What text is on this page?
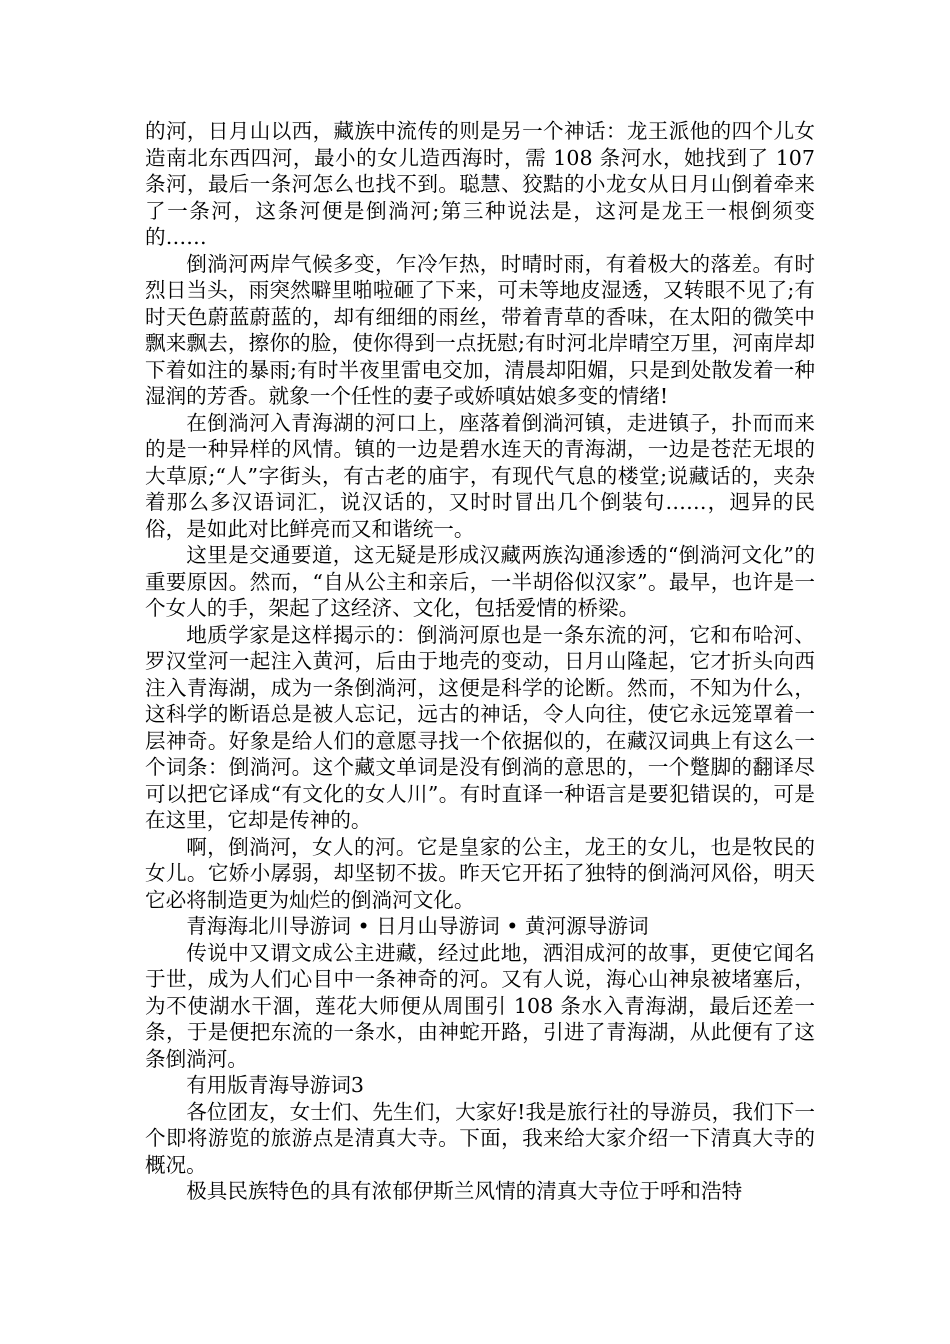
的河，日月山以西，藏族中流传的则是另一个神话：龙王派他的四个儿女造南北东西四河，最小的女儿造西海时，需 108 条河水，她找到了 107 条河，最后一条河怎么也找不到。聪慧、狡黠的小龙女从日月山倒着牵来了一条河，这条河便是倒淌河;第三种说法是，这河是龙王一根倒须变的……

倒淌河两岸气候多变，乍冷乍热，时晴时雨，有着极大的落差。有时烈日当头，雨突然噼里啪啦砸了下来，可未等地皮湿透，又转眼不见了;有时天色蔚蓝蔚蓝的，却有细细的雨丝，带着青草的香味，在太阳的微笑中飘来飘去，擦你的脸，使你得到一点抚慰;有时河北岸晴空万里，河南岸却下着如注的暴雨;有时半夜里雷电交加，清晨却阳媚，只是到处散发着一种湿润的芳香。就象一个任性的妻子或娇嗔姑娘多变的情绪!

在倒淌河入青海湖的河口上，座落着倒淌河镇，走进镇子，扑而而来的是一种异样的风情。镇的一边是碧水连天的青海湖，一边是苍茫无垠的大草原;“人”字街头，有古老的庙宇，有现代气息的楼堂;说藏话的，夹杂着那么多汉语词汇，说汉话的，又时时冒出几个倒装句……，迥异的民俗，是如此对比鲜亮而又和谐统一。

这里是交通要道，这无疑是形成汉藏两族沟通渗透的“倒淌河文化”的重要原因。然而，“自从公主和亲后，一半胡俗似汉家”。最早，也许是一个女人的手，架起了这经济、文化，包括爱情的桥梁。

地质学家是这样揭示的：倒淌河原也是一条东流的河，它和布哈河、罗汉堂河一起注入黄河，后由于地壳的变动，日月山隆起，它才折头向西注入青海湖，成为一条倒淌河，这便是科学的论断。然而，不知为什么，这科学的断语总是被人忘记，远古的神话，令人向往，使它永远笼罩着一层神奇。好象是给人们的意愿寻找一个依据似的，在藏汉词典上有这么一个词条：倒淌河。这个藏文单词是没有倒淌的意思的，一个蹩脚的翻译尽可以把它译成“有文化的女人川”。有时直译一种语言是要犯错误的，可是在这里，它却是传神的。

啊，倒淌河，女人的河。它是皇家的公主，龙王的女儿，也是牧民的女儿。它娇小孱弱，却坚韧不拔。昨天它开拓了独特的倒淌河风俗，明天它必将制造更为灿烂的倒淌河文化。

青海海北川导游词 • 日月山导游词 • 黄河源导游词

传说中又谓文成公主进藏，经过此地，洒泪成河的故事，更使它闻名于世，成为人们心目中一条神奇的河。又有人说，海心山神泉被堵塞后，为不使湖水干涸，莲花大师便从周围引 108 条水入青海湖，最后还差一条，于是便把东流的一条水，由神蛇开路，引进了青海湖，从此便有了这条倒淌河。

有用版青海导游词3

各位团友，女士们、先生们，大家好!我是旅行社的导游员，我们下一个即将游览的旅游点是清真大寺。下面，我来给大家介绍一下清真大寺的概况。

极具民族特色的具有浓郁伊斯兰风情的清真大寺位于呼和浩特
